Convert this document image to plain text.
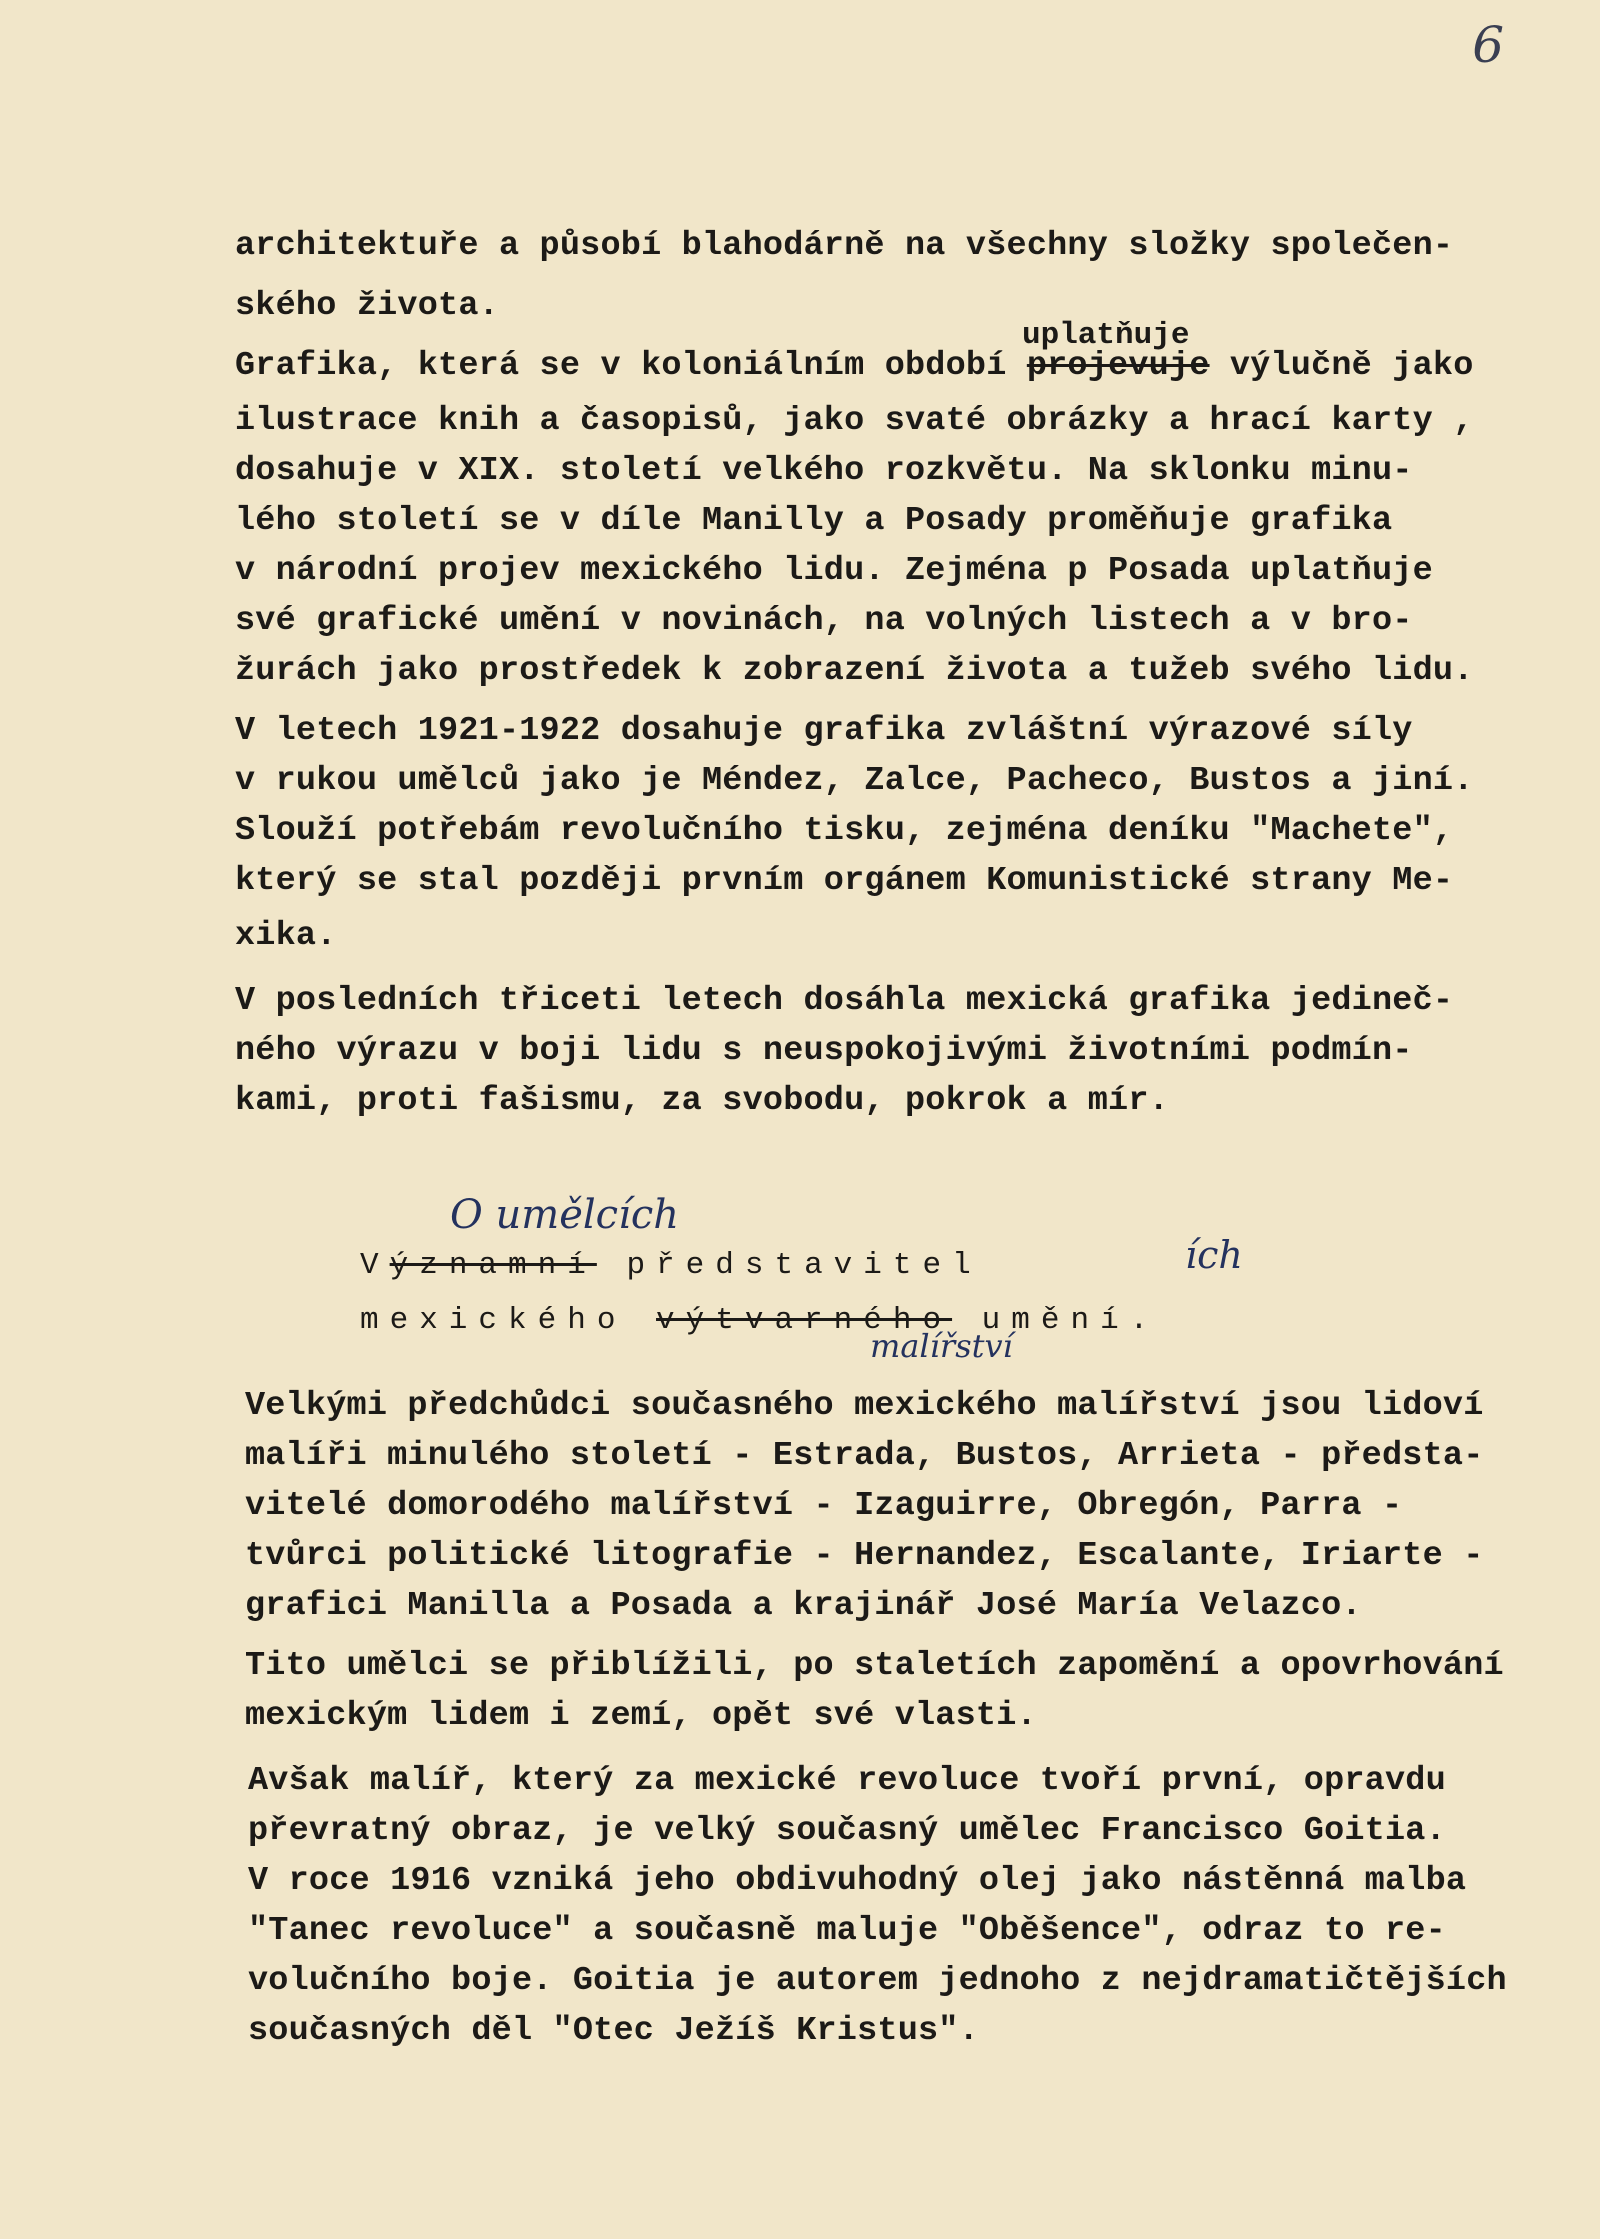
6

architektuře a působí blahodárně na všechny složky společen-

ského života.

uplatňuje

Grafika, která se v koloniálním období projevuje výlučně jako

ilustrace knih a časopisů, jako svaté obrázky a hrací karty ,

dosahuje v XIX. století velkého rozkvětu. Na sklonku minu-

lého století se v díle Manilly a Posady proměňuje grafika

v národní projev mexického lidu. Zejména p Posada uplatňuje

své grafické umění v novinách, na volných listech a v bro-

žurách jako prostředek k zobrazení života a tužeb svého lidu.

V letech 1921-1922 dosahuje grafika zvláštní výrazové síly

v rukou umělců jako je Méndez, Zalce, Pacheco, Bustos a jiní.

Slouží potřebám revolučního tisku, zejména deníku "Machete",

který se stal později prvním orgánem Komunistické strany Me-

xika.

V posledních třiceti letech dosáhla mexická grafika jedineč-

ného výrazu v boji lidu s neuspokojivými životními podmín-

kami, proti fašismu, za svobodu, pokrok a mír.

O umělcích

Významní představitel	ích

mexického výtvarného umění.

malířství

Velkými předchůdci současného mexického malířství jsou lidoví

malíři minulého století - Estrada, Bustos, Arrieta - předsta-

vitelé domorodého malířství - Izaguirre, Obregón, Parra -

tvůrci politické litografie - Hernandez, Escalante, Iriarte -

grafici Manilla a Posada a krajinář José María Velazco.

Tito umělci se přiblížili, po staletích zapomění a opovrhování

mexickým lidem i zemí, opět své vlasti.

Avšak malíř, který za mexické revoluce tvoří první, opravdu

převratný obraz, je velký současný umělec Francisco Goitia.

V roce 1916 vzniká jeho obdivuhodný olej jako nástěnná malba

"Tanec revoluce" a současně maluje "Oběšence", odraz to re-

volučního boje. Goitia je autorem jednoho z nejdramatičtějších

současných děl "Otec Ježíš Kristus".
